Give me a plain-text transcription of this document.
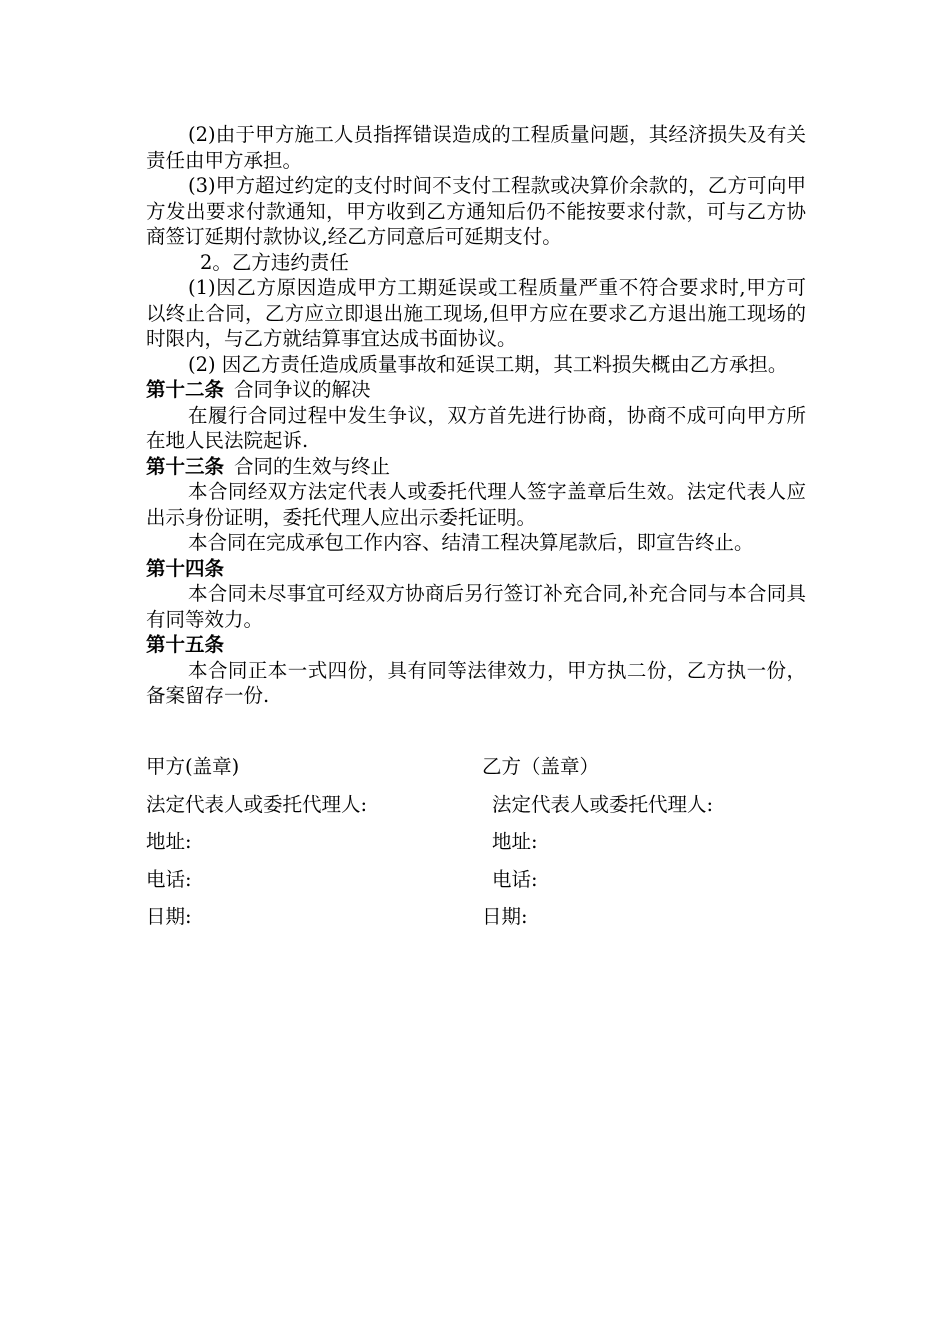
(2)由于甲方施工人员指挥错误造成的工程质量问题，其经济损失及有关责任由甲方承担。

(3)甲方超过约定的支付时间不支付工程款或决算价余款的，乙方可向甲方发出要求付款通知，甲方收到乙方通知后仍不能按要求付款，可与乙方协商签订延期付款协议,经乙方同意后可延期支付。

2。乙方违约责任

(1)因乙方原因造成甲方工期延误或工程质量严重不符合要求时,甲方可以终止合同，乙方应立即退出施工现场,但甲方应在要求乙方退出施工现场的时限内，与乙方就结算事宜达成书面协议。

(2) 因乙方责任造成质量事故和延误工期，其工料损失概由乙方承担。

第十二条 合同争议的解决

在履行合同过程中发生争议，双方首先进行协商，协商不成可向甲方所在地人民法院起诉.

第十三条 合同的生效与终止

本合同经双方法定代表人或委托代理人签字盖章后生效。法定代表人应出示身份证明，委托代理人应出示委托证明。

本合同在完成承包工作内容、结清工程决算尾款后，即宣告终止。

第十四条

本合同未尽事宜可经双方协商后另行签订补充合同,补充合同与本合同具有同等效力。

第十五条

本合同正本一式四份，具有同等法律效力，甲方执二份，乙方执一份，备案留存一份.

甲方(盖章)	乙方（盖章）
法定代表人或委托代理人:	法定代表人或委托代理人:
地址:	地址:
电话:	电话:
日期:	日期:
